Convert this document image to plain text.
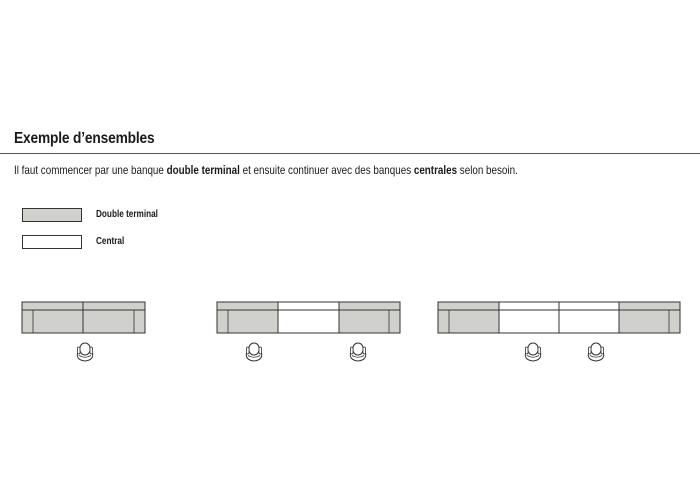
Exemple d’ensembles

Il faut commencer par une banque double terminal et ensuite continuer avec des banques centrales selon besoin.

Double terminal
Central
